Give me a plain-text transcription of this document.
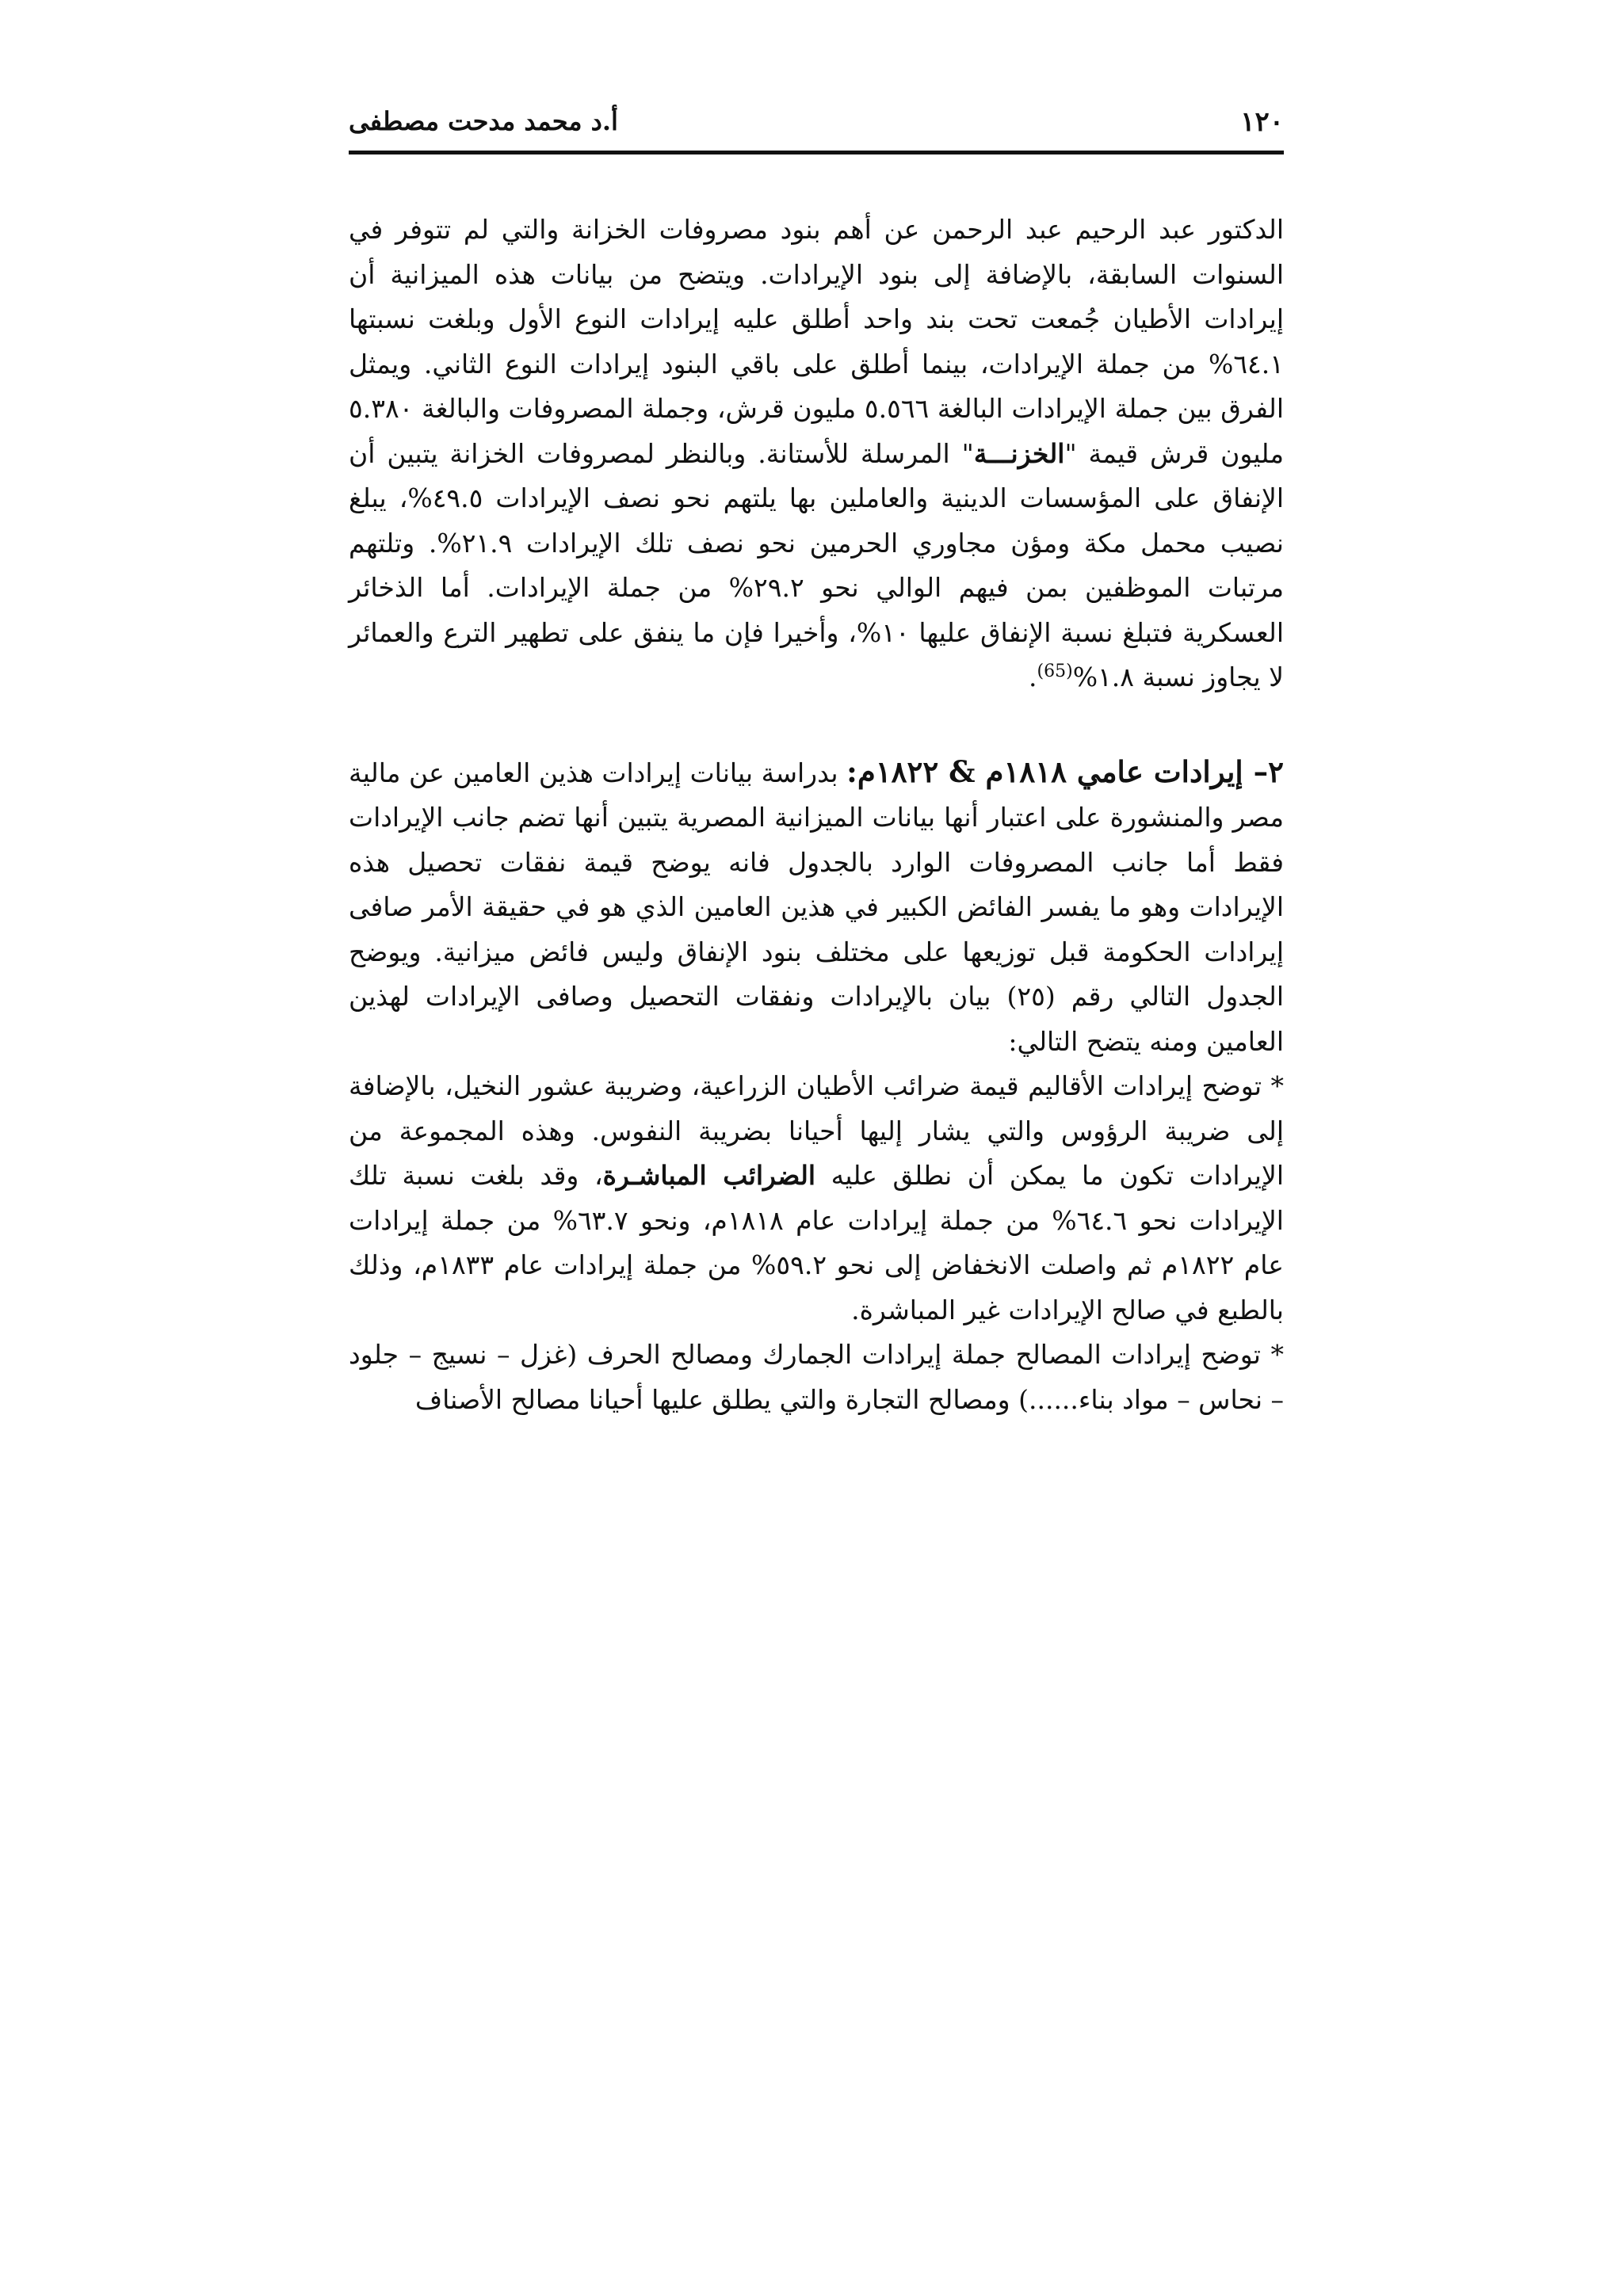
١٢٠
أ.د محمد مدحت مصطفى

الدكتور عبد الرحيم عبد الرحمن عن أهم بنود مصروفات الخزانة والتي لم تتوفر في السنوات السابقة، بالإضافة إلى بنود الإيرادات. ويتضح من بيانات هذه الميزانية أن إيرادات الأطيان جُمعت تحت بند واحد أطلق عليه إيرادات النوع الأول وبلغت نسبتها ٦٤.١% من جملة الإيرادات، بينما أطلق على باقي البنود إيرادات النوع الثاني. ويمثل الفرق بين جملة الإيرادات البالغة ٥.٥٦٦ مليون قرش، وجملة المصروفات والبالغة ٥.٣٨٠ مليون قرش قيمة "الخزنـــة" المرسلة للأستانة. وبالنظر لمصروفات الخزانة يتبين أن الإنفاق على المؤسسات الدينية والعاملين بها يلتهم نحو نصف الإيرادات ٤٩.٥%، يبلغ نصيب محمل مكة ومؤن مجاوري الحرمين نحو نصف تلك الإيرادات ٢١.٩%. وتلتهم مرتبات الموظفين بمن فيهم الوالي نحو ٢٩.٢% من جملة الإيرادات. أما الذخائر العسكرية فتبلغ نسبة الإنفاق عليها ١٠%، وأخيرا فإن ما ينفق على تطهير الترع والعمائر لا يجاوز نسبة ١.٨%$^{(65)}$.

٢– إيرادات عامي ١٨١٨م & ١٨٢٢م: بدراسة بيانات إيرادات هذين العامين عن مالية مصر والمنشورة على اعتبار أنها بيانات الميزانية المصرية يتبين أنها تضم جانب الإيرادات فقط أما جانب المصروفات الوارد بالجدول فانه يوضح قيمة نفقات تحصيل هذه الإيرادات وهو ما يفسر الفائض الكبير في هذين العامين الذي هو في حقيقة الأمر صافى إيرادات الحكومة قبل توزيعها على مختلف بنود الإنفاق وليس فائض ميزانية. ويوضح الجدول التالي رقم (٢٥) بيان بالإيرادات ونفقات التحصيل وصافى الإيرادات لهذين العامين ومنه يتضح التالي:

* توضح إيرادات الأقاليم قيمة ضرائب الأطيان الزراعية، وضريبة عشور النخيل، بالإضافة إلى ضريبة الرؤوس والتي يشار إليها أحيانا بضريبة النفوس. وهذه المجموعة من الإيرادات تكون ما يمكن أن نطلق عليه الضرائب المباشـرة، وقد بلغت نسبة تلك الإيرادات نحو ٦٤.٦% من جملة إيرادات عام ١٨١٨م، ونحو ٦٣.٧% من جملة إيرادات عام ١٨٢٢م ثم واصلت الانخفاض إلى نحو ٥٩.٢% من جملة إيرادات عام ١٨٣٣م، وذلك بالطبع في صالح الإيرادات غير المباشرة.

* توضح إيرادات المصالح جملة إيرادات الجمارك ومصالح الحرف (غزل – نسيج – جلود – نحاس – مواد بناء......) ومصالح التجارة والتي يطلق عليها أحيانا مصالح الأصناف
